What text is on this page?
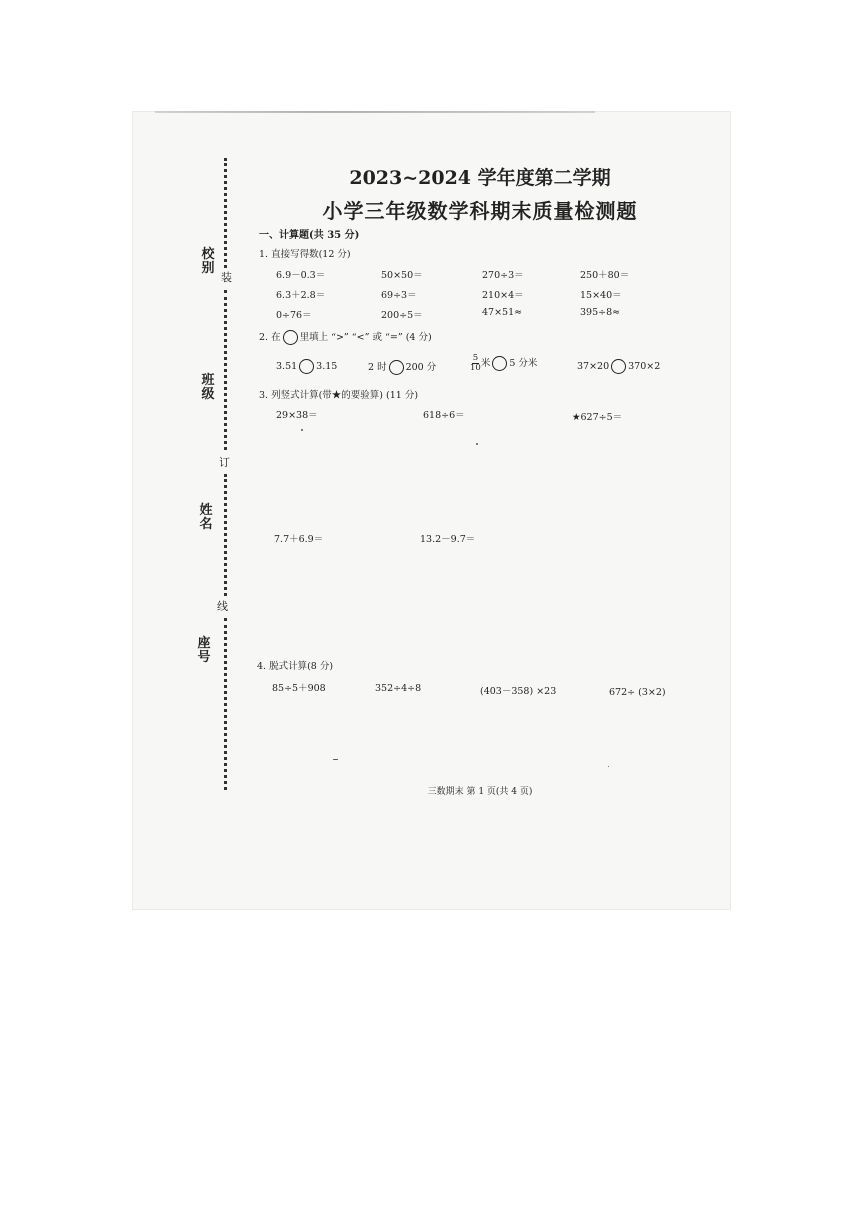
装
订
线
校
别
班
级
姓
名
座
号
2023~2024 学年度第二学期
小学三年级数学科期末质量检测题
一、计算题(共 35 分)
1. 直接写得数(12 分)
6.9－0.3＝	50×50＝	270÷3＝	250＋80＝
6.3＋2.8＝	69÷3＝	210×4＝	15×40＝
0÷76＝	200÷5＝	47×51≈	395÷8≈
2. 在 里填上 “>” “<” 或 “=” (4 分)
3.51 3.15	2 时 200 分	$\frac{5}{10}$ 米 5 分米	37×20 370×2
3. 列竖式计算(带★的要验算) (11 分)
29×38＝	618÷6＝	★627÷5＝
7.7＋6.9＝	13.2－9.7＝
4. 脱式计算(8 分)
85÷5＋908	352÷4÷8	(403－358) ×23	672÷ (3×2)
三数期末 第 1 页(共 4 页)
